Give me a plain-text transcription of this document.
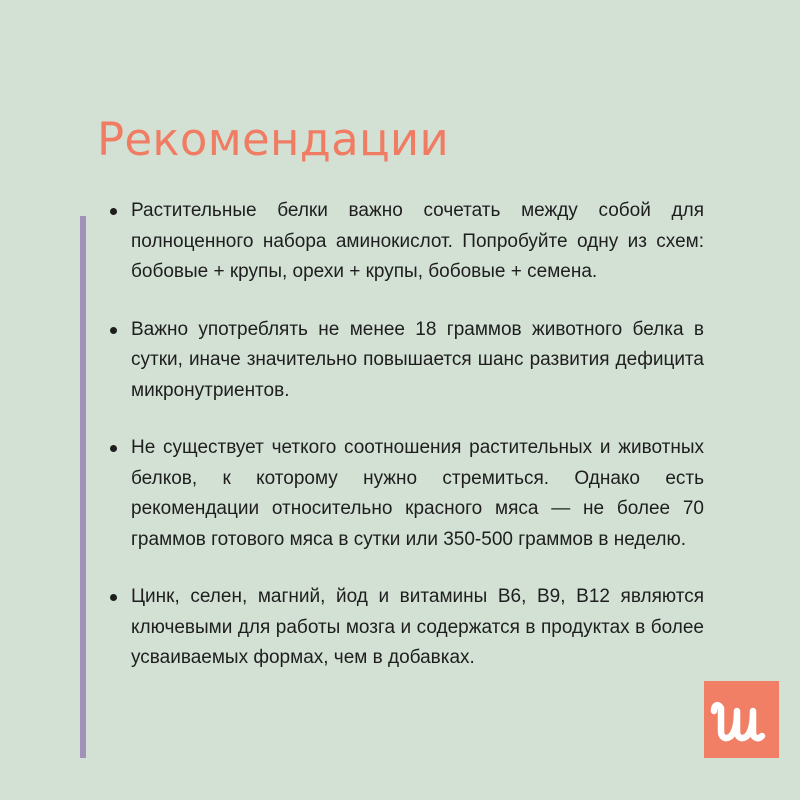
Рекомендации
Растительные белки важно сочетать между собой для полноценного набора аминокислот. Попробуйте одну из схем: бобовые + крупы, орехи + крупы, бобовые + семена.
Важно употреблять не менее 18 граммов животного белка в сутки, иначе значительно повышается шанс развития дефицита микронутриентов.
Не существует четкого соотношения растительных и животных белков, к которому нужно стремиться. Однако есть рекомендации относительно красного мяса — не более 70 граммов готового мяса в сутки или 350-500 граммов в неделю.
Цинк, селен, магний, йод и витамины B6, B9, B12 являются ключевыми для работы мозга и содержатся в продуктах в более усваиваемых формах, чем в добавках.
